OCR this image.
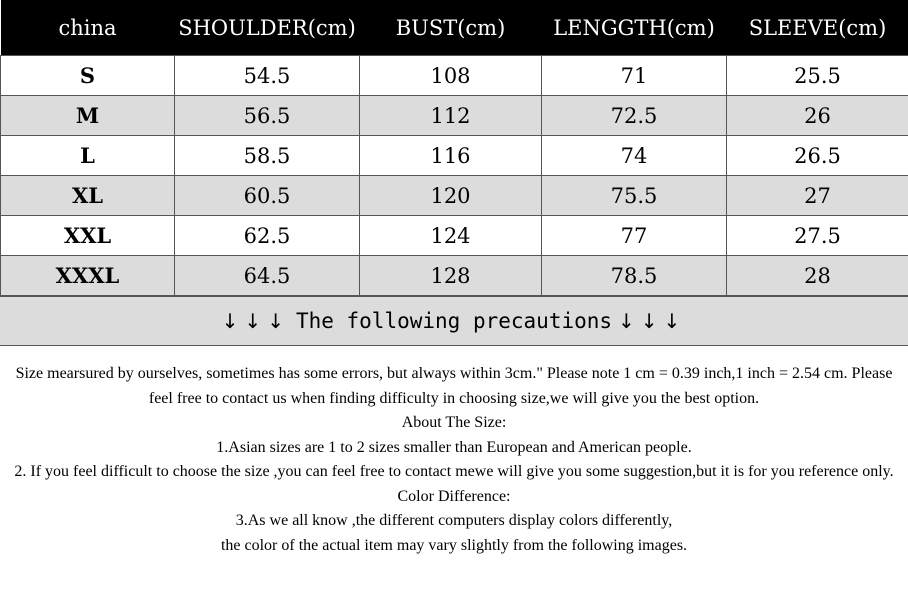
china	SHOULDER(cm)	BUST(cm)	LENGGTH(cm)	SLEEVE(cm)
S	54.5	108	71	25.5
M	56.5	112	72.5	26
L	58.5	116	74	26.5
XL	60.5	120	75.5	27
XXL	62.5	124	77	27.5
XXXL	64.5	128	78.5	28
↓↓↓ The following precautions ↓↓↓

Size mearsured by ourselves, sometimes has some errors, but always within 3cm." Please note 1 cm = 0.39 inch,1 inch = 2.54 cm. Please feel free to contact us when finding difficulty in choosing size,we will give you the best option.

About The Size:

1.Asian sizes are 1 to 2 sizes smaller than European and American people.

2. If you feel difficult to choose the size ,you can feel free to contact mewe will give you some suggestion,but it is for you reference only.

Color Difference:

3.As we all know ,the different computers display colors differently,

the color of the actual item may vary slightly from the following images.
